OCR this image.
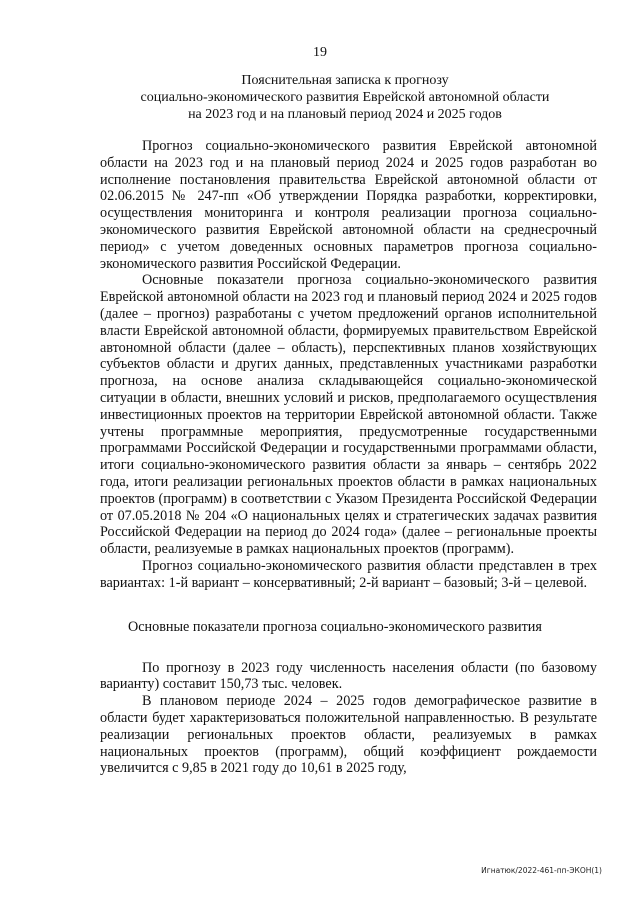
19
Пояснительная записка к прогнозу
социально-экономического развития Еврейской автономной области
на 2023 год и на плановый период 2024 и 2025 годов

Прогноз социально-экономического развития Еврейской автономной области на 2023 год и на плановый период 2024 и 2025 годов разработан во исполнение постановления правительства Еврейской автономной области от 02.06.2015 № 247-пп «Об утверждении Порядка разработки, корректировки, осуществления мониторинга и контроля реализации прогноза социально-экономического развития Еврейской автономной области на среднесрочный период» с учетом доведенных основных параметров прогноза социально-экономического развития Российской Федерации.

Основные показатели прогноза социально-экономического развития Еврейской автономной области на 2023 год и плановый период 2024 и 2025 годов (далее – прогноз) разработаны с учетом предложений органов исполнительной власти Еврейской автономной области, формируемых правительством Еврейской автономной области (далее – область), перспективных планов хозяйствующих субъектов области и других данных, представленных участниками разработки прогноза, на основе анализа складывающейся социально-экономической ситуации в области, внешних условий и рисков, предполагаемого осуществления инвестиционных проектов на территории Еврейской автономной области. Также учтены программные мероприятия, предусмотренные государственными программами Российской Федерации и государственными программами области, итоги социально-экономического развития области за январь – сентябрь 2022 года, итоги реализации региональных проектов области в рамках национальных проектов (программ) в соответствии с Указом Президента Российской Федерации от 07.05.2018 № 204 «О национальных целях и стратегических задачах развития Российской Федерации на период до 2024 года» (далее – региональные проекты области, реализуемые в рамках национальных проектов (программ).

Прогноз социально-экономического развития области представлен в трех вариантах: 1-й вариант – консервативный; 2-й вариант – базовый; 3-й – целевой.

Основные показатели прогноза социально-экономического развития

По прогнозу в 2023 году численность населения области (по базовому варианту) составит 150,73 тыс. человек.

В плановом периоде 2024 – 2025 годов демографическое развитие в области будет характеризоваться положительной направленностью. В результате реализации региональных проектов области, реализуемых в рамках национальных проектов (программ), общий коэффициент рождаемости увеличится с 9,85 в 2021 году до 10,61 в 2025 году,

Игнатюк/2022-461-пп-ЭКОН(1)
